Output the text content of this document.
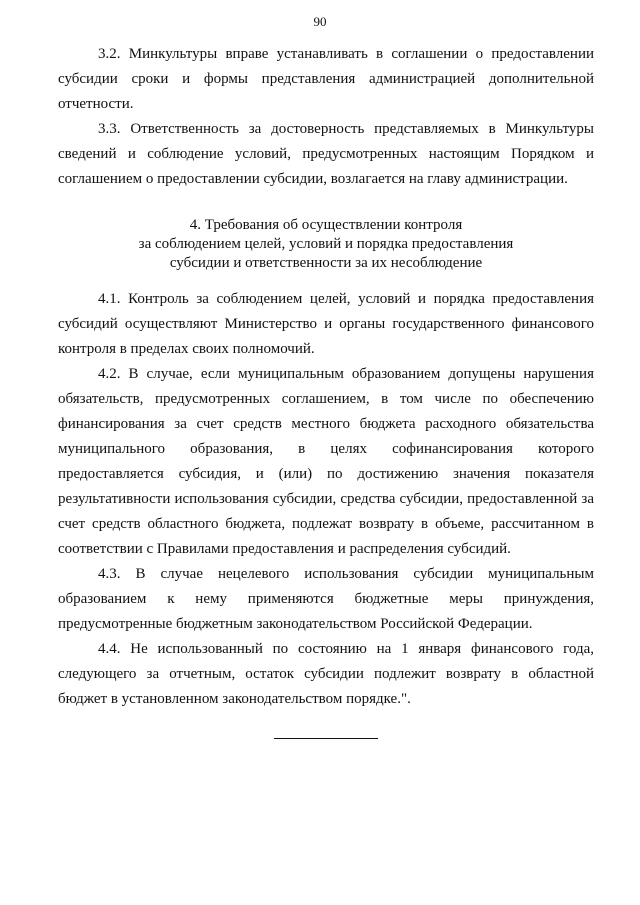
90

3.2. Минкультуры вправе устанавливать в соглашении о предоставлении субсидии сроки и формы представления администрацией дополнительной отчетности.

3.3. Ответственность за достоверность представляемых в Минкультуры сведений и соблюдение условий, предусмотренных настоящим Порядком и соглашением о предоставлении субсидии, возлагается на главу администрации.

4. Требования об осуществлении контроля
за соблюдением целей, условий и порядка предоставления
субсидии и ответственности за их несоблюдение

4.1. Контроль за соблюдением целей, условий и порядка предоставления субсидий осуществляют Министерство и органы государственного финансового контроля в пределах своих полномочий.

4.2. В случае, если муниципальным образованием допущены нарушения обязательств, предусмотренных соглашением, в том числе по обеспечению финансирования за счет средств местного бюджета расходного обязательства муниципального образования, в целях софинансирования которого предоставляется субсидия, и (или) по достижению значения показателя результативности использования субсидии, средства субсидии, предоставленной за счет средств областного бюджета, подлежат возврату в объеме, рассчитанном в соответствии с Правилами предоставления и распределения субсидий.

4.3. В случае нецелевого использования субсидии муниципальным образованием к нему применяются бюджетные меры принуждения, предусмотренные бюджетным законодательством Российской Федерации.

4.4. Не использованный по состоянию на 1 января финансового года, следующего за отчетным, остаток субсидии подлежит возврату в областной бюджет в установленном законодательством порядке.".
